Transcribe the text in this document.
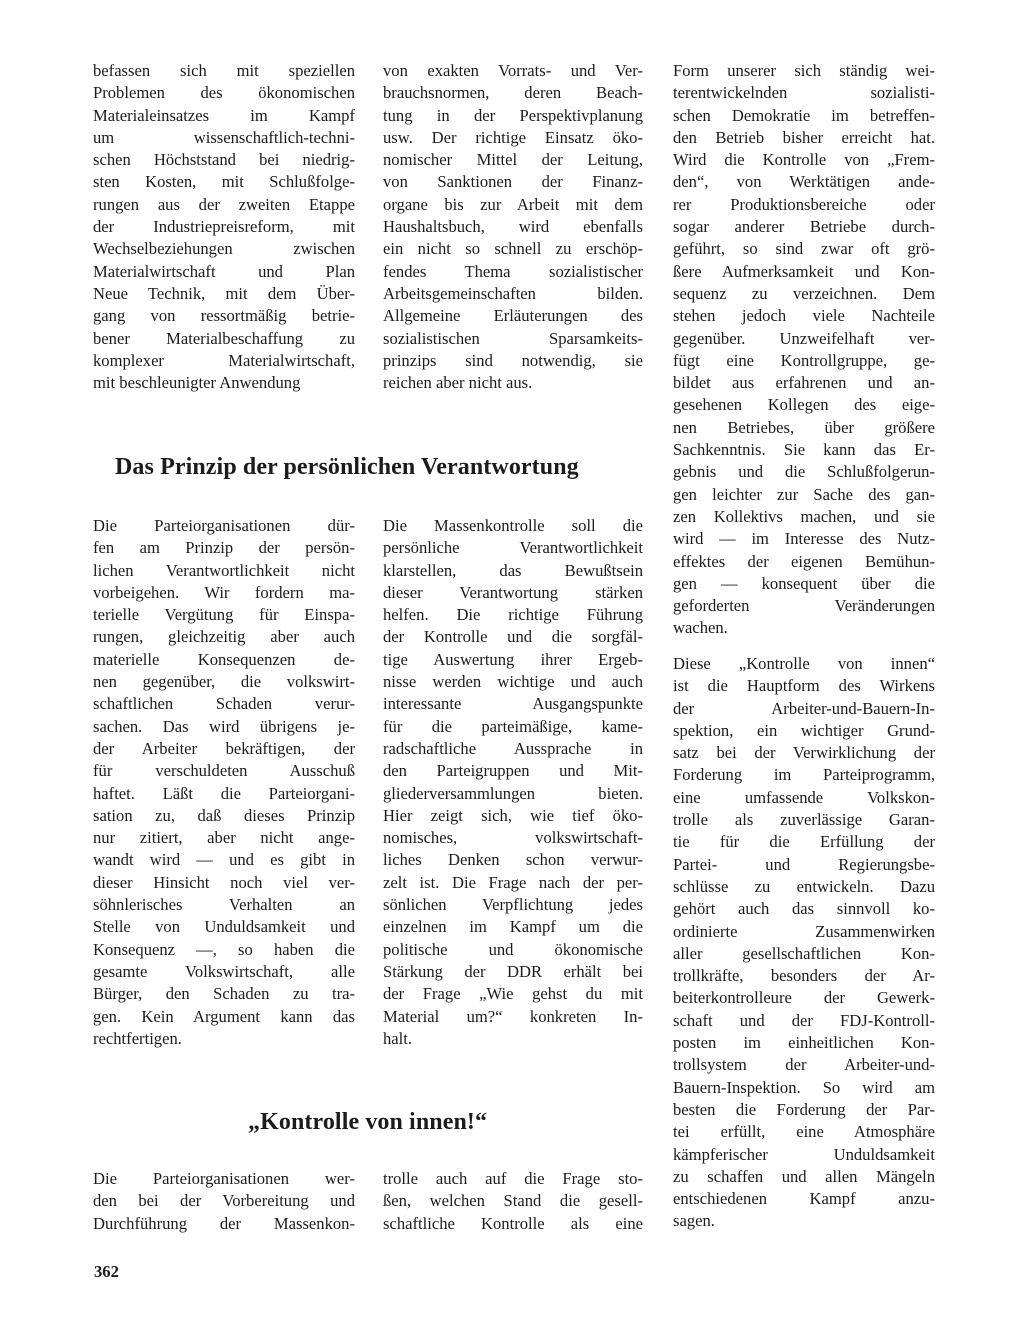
befassen sich mit speziellen

Problemen des ökonomischen

Materialeinsatzes im Kampf

um wissenschaftlich-techni-

schen Höchststand bei niedrig-

sten Kosten, mit Schlußfolge-

rungen aus der zweiten Etappe

der Industriepreisreform, mit

Wechselbeziehungen zwischen

Materialwirtschaft und Plan

Neue Technik, mit dem Über-

gang von ressortmäßig betrie-

bener Materialbeschaffung zu

komplexer Materialwirtschaft,

mit beschleunigter Anwendung

von exakten Vorrats- und Ver-

brauchsnormen, deren Beach-

tung in der Perspektivplanung

usw. Der richtige Einsatz öko-

nomischer Mittel der Leitung,

von Sanktionen der Finanz-

organe bis zur Arbeit mit dem

Haushaltsbuch, wird ebenfalls

ein nicht so schnell zu erschöp-

fendes Thema sozialistischer

Arbeitsgemeinschaften bilden.

Allgemeine Erläuterungen des

sozialistischen Sparsamkeits-

prinzips sind notwendig, sie

reichen aber nicht aus.

Form unserer sich ständig wei-

terentwickelnden sozialisti-

schen Demokratie im betreffen-

den Betrieb bisher erreicht hat.

Wird die Kontrolle von „Frem-

den“, von Werktätigen ande-

rer Produktionsbereiche oder

sogar anderer Betriebe durch-

geführt, so sind zwar oft grö-

ßere Aufmerksamkeit und Kon-

sequenz zu verzeichnen. Dem

stehen jedoch viele Nachteile

gegenüber. Unzweifelhaft ver-

fügt eine Kontrollgruppe, ge-

bildet aus erfahrenen und an-

gesehenen Kollegen des eige-

nen Betriebes, über größere

Sachkenntnis. Sie kann das Er-

gebnis und die Schlußfolgerun-

gen leichter zur Sache des gan-

zen Kollektivs machen, und sie

wird — im Interesse des Nutz-

effektes der eigenen Bemühun-

gen — konsequent über die

geforderten Veränderungen

wachen.

Das Prinzip der persönlichen Verantwortung

Die Parteiorganisationen dür-

fen am Prinzip der persön-

lichen Verantwortlichkeit nicht

vorbeigehen. Wir fordern ma-

terielle Vergütung für Einspa-

rungen, gleichzeitig aber auch

materielle Konsequenzen de-

nen gegenüber, die volkswirt-

schaftlichen Schaden verur-

sachen. Das wird übrigens je-

der Arbeiter bekräftigen, der

für verschuldeten Ausschuß

haftet. Läßt die Parteiorgani-

sation zu, daß dieses Prinzip

nur zitiert, aber nicht ange-

wandt wird — und es gibt in

dieser Hinsicht noch viel ver-

söhnlerisches Verhalten an

Stelle von Unduldsamkeit und

Konsequenz —, so haben die

gesamte Volkswirtschaft, alle

Bürger, den Schaden zu tra-

gen. Kein Argument kann das

rechtfertigen.

Die Massenkontrolle soll die

persönliche Verantwortlichkeit

klarstellen, das Bewußtsein

dieser Verantwortung stärken

helfen. Die richtige Führung

der Kontrolle und die sorgfäl-

tige Auswertung ihrer Ergeb-

nisse werden wichtige und auch

interessante Ausgangspunkte

für die parteimäßige, kame-

radschaftliche Aussprache in

den Parteigruppen und Mit-

gliederversammlungen bieten.

Hier zeigt sich, wie tief öko-

nomisches, volkswirtschaft-

liches Denken schon verwur-

zelt ist. Die Frage nach der per-

sönlichen Verpflichtung jedes

einzelnen im Kampf um die

politische und ökonomische

Stärkung der DDR erhält bei

der Frage „Wie gehst du mit

Material um?“ konkreten In-

halt.

Diese „Kontrolle von innen“

ist die Hauptform des Wirkens

der Arbeiter-und-Bauern-In-

spektion, ein wichtiger Grund-

satz bei der Verwirklichung der

Forderung im Parteiprogramm,

eine umfassende Volkskon-

trolle als zuverlässige Garan-

tie für die Erfüllung der

Partei- und Regierungsbe-

schlüsse zu entwickeln. Dazu

gehört auch das sinnvoll ko-

ordinierte Zusammenwirken

aller gesellschaftlichen Kon-

trollkräfte, besonders der Ar-

beiterkontrolleure der Gewerk-

schaft und der FDJ-Kontroll-

posten im einheitlichen Kon-

trollsystem der Arbeiter-und-

Bauern-Inspektion. So wird am

besten die Forderung der Par-

tei erfüllt, eine Atmosphäre

kämpferischer Unduldsamkeit

zu schaffen und allen Mängeln

entschiedenen Kampf anzu-

sagen.

„Kontrolle von innen!“

Die Parteiorganisationen wer-

den bei der Vorbereitung und

Durchführung der Massenkon-

trolle auch auf die Frage sto-

ßen, welchen Stand die gesell-

schaftliche Kontrolle als eine

362
